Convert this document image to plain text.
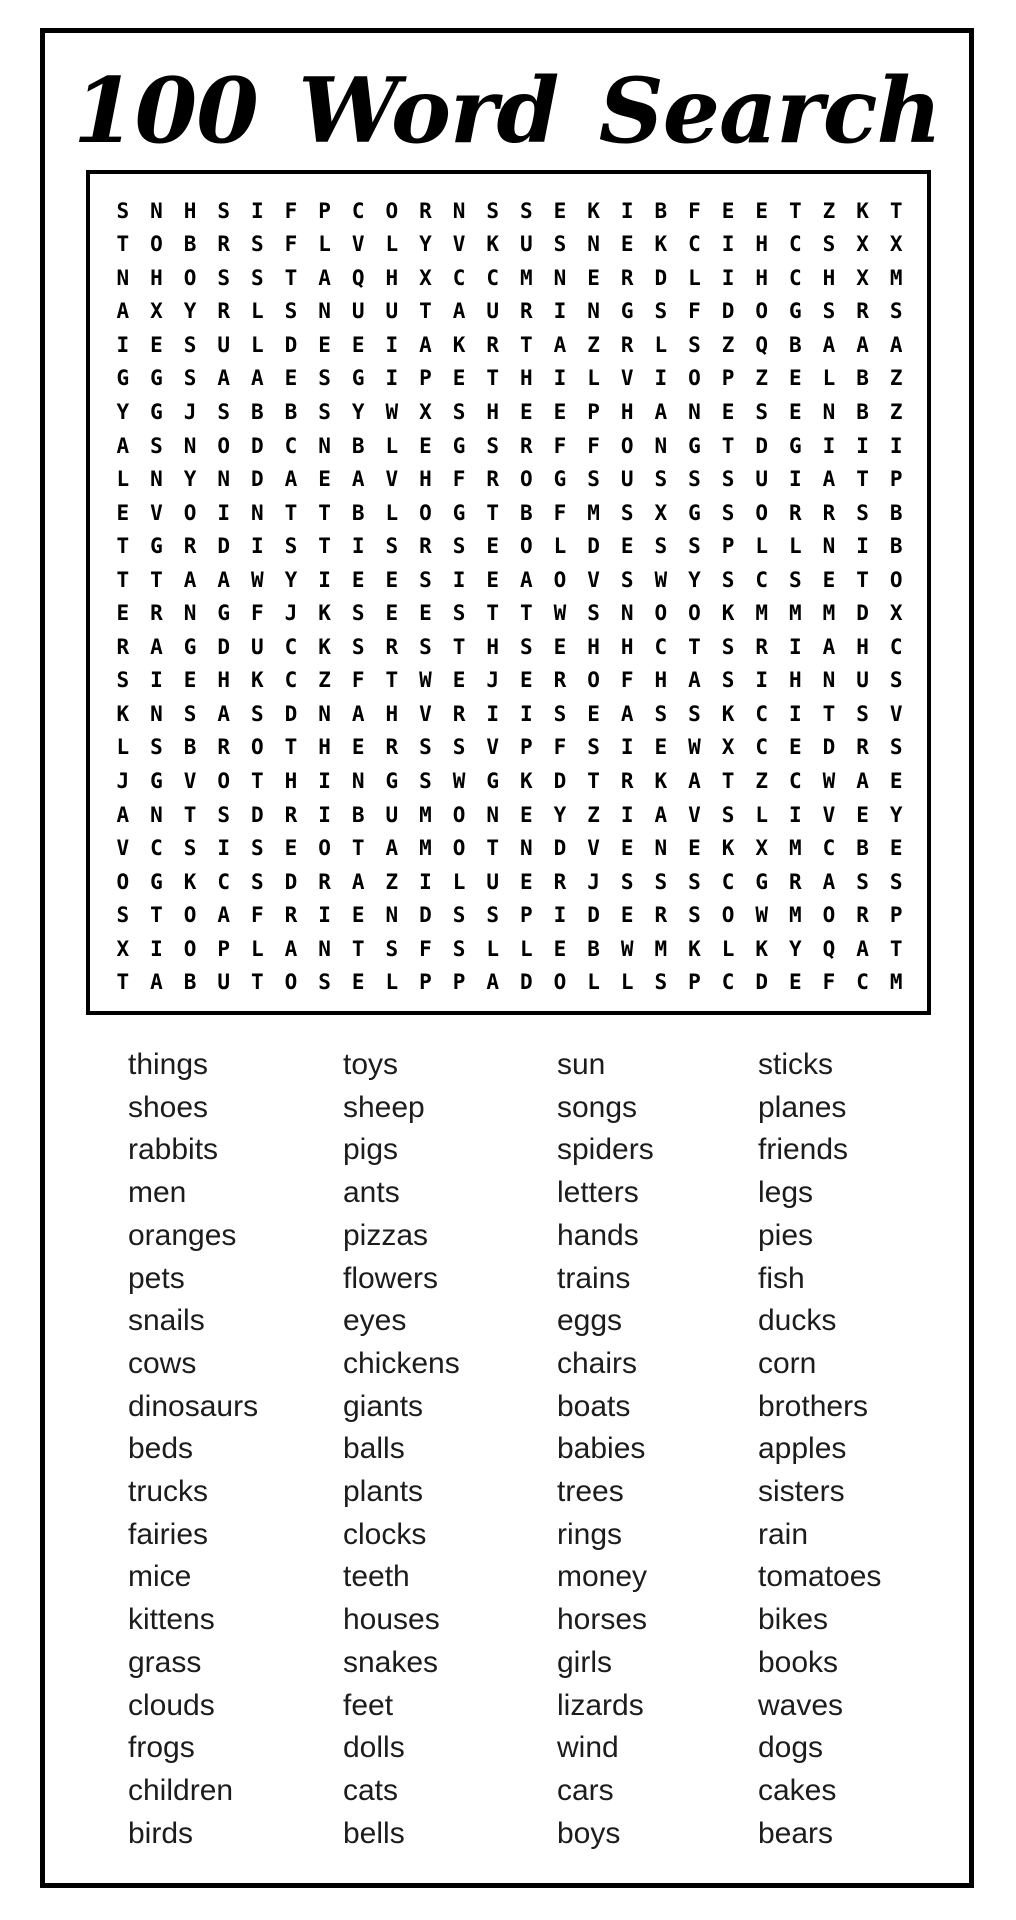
100 Word Search
S N H S I F P C O R N S S E K I B F E E T Z K T
T O B R S F L V L Y V K U S N E K C I H C S X X
N H O S S T A Q H X C C M N E R D L I H C H X M
A X Y R L S N U U T A U R I N G S F D O G S R S
I E S U L D E E I A K R T A Z R L S Z Q B A A A
G G S A A E S G I P E T H I L V I O P Z E L B Z
Y G J S B B S Y W X S H E E P H A N E S E N B Z
A S N O D C N B L E G S R F F O N G T D G I I I
L N Y N D A E A V H F R O G S U S S S U I A T P
E V O I N T T B L O G T B F M S X G S O R R S B
T G R D I S T I S R S E O L D E S S P L L N I B
T T A A W Y I E E S I E A O V S W Y S C S E T O
E R N G F J K S E E S T T W S N O O K M M M D X
R A G D U C K S R S T H S E H H C T S R I A H C
S I E H K C Z F T W E J E R O F H A S I H N U S
K N S A S D N A H V R I I S E A S S K C I T S V
L S B R O T H E R S S V P F S I E W X C E D R S
J G V O T H I N G S W G K D T R K A T Z C W A E
A N T S D R I B U M O N E Y Z I A V S L I V E Y
V C S I S E O T A M O T N D V E N E K X M C B E
O G K C S D R A Z I L U E R J S S S C G R A S S
S T O A F R I E N D S S P I D E R S O W M O R P
X I O P L A N T S F S L L E B W M K L K Y Q A T
T A B U T O S E L P P A D O L L S P C D E F C M
things
shoes
rabbits
men
oranges
pets
snails
cows
dinosaurs
beds
trucks
fairies
mice
kittens
grass
clouds
frogs
children
birds
toys
sheep
pigs
ants
pizzas
flowers
eyes
chickens
giants
balls
plants
clocks
teeth
houses
snakes
feet
dolls
cats
bells
sun
songs
spiders
letters
hands
trains
eggs
chairs
boats
babies
trees
rings
money
horses
girls
lizards
wind
cars
boys
sticks
planes
friends
legs
pies
fish
ducks
corn
brothers
apples
sisters
rain
tomatoes
bikes
books
waves
dogs
cakes
bears
